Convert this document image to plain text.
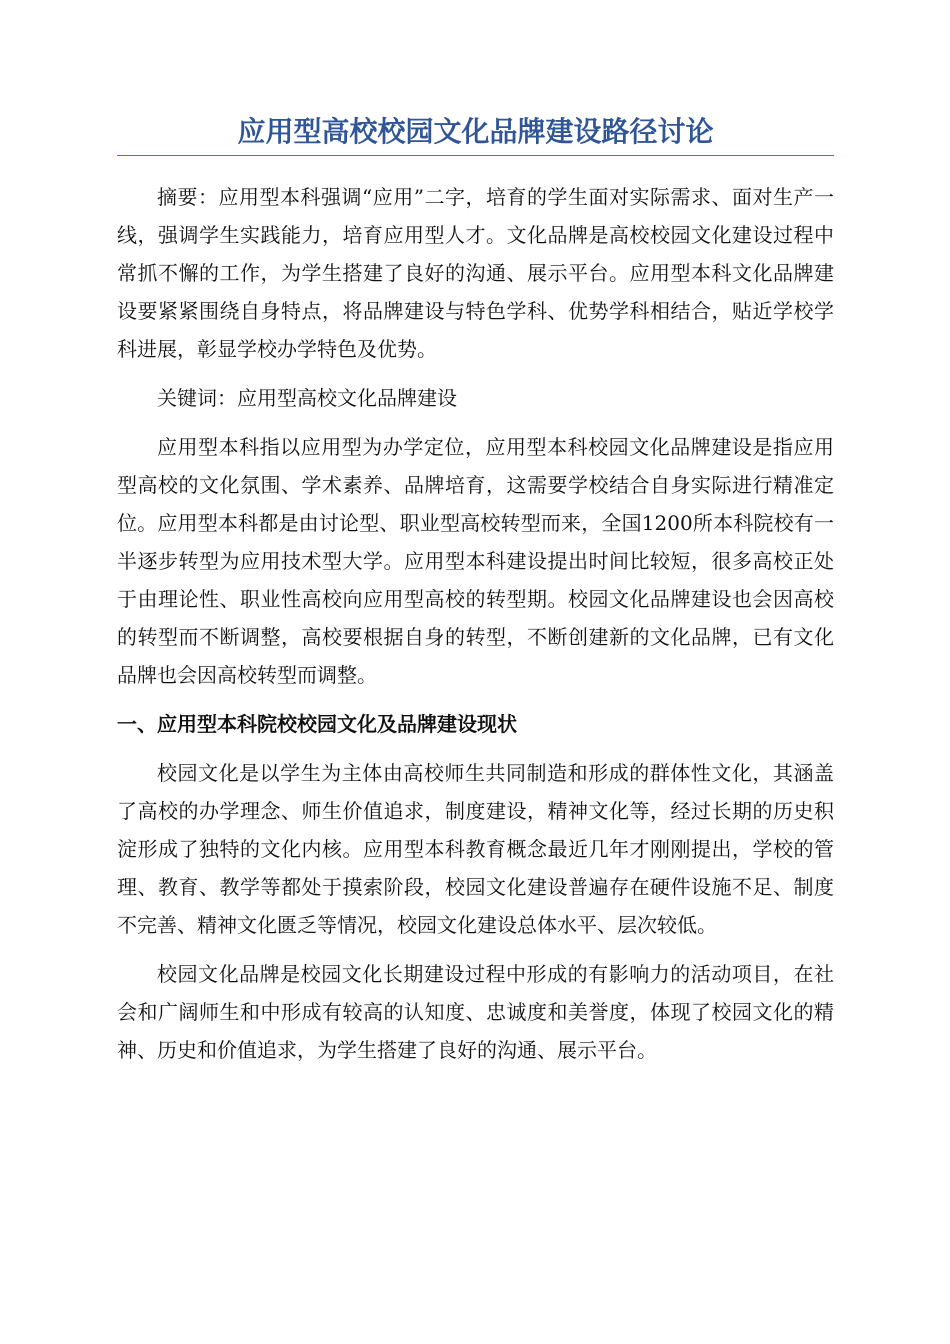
应用型高校校园文化品牌建设路径讨论

摘要：应用型本科强调“应用”二字，培育的学生面对实际需求、面对生产一线，强调学生实践能力，培育应用型人才。文化品牌是高校校园文化建设过程中常抓不懈的工作，为学生搭建了良好的沟通、展示平台。应用型本科文化品牌建设要紧紧围绕自身特点，将品牌建设与特色学科、优势学科相结合，贴近学校学科进展，彰显学校办学特色及优势。

关键词：应用型高校文化品牌建设

应用型本科指以应用型为办学定位，应用型本科校园文化品牌建设是指应用型高校的文化氛围、学术素养、品牌培育，这需要学校结合自身实际进行精准定位。应用型本科都是由讨论型、职业型高校转型而来，全国1200所本科院校有一半逐步转型为应用技术型大学。应用型本科建设提出时间比较短，很多高校正处于由理论性、职业性高校向应用型高校的转型期。校园文化品牌建设也会因高校的转型而不断调整，高校要根据自身的转型，不断创建新的文化品牌，已有文化品牌也会因高校转型而调整。

一、应用型本科院校校园文化及品牌建设现状

校园文化是以学生为主体由高校师生共同制造和形成的群体性文化，其涵盖了高校的办学理念、师生价值追求，制度建设，精神文化等，经过长期的历史积淀形成了独特的文化内核。应用型本科教育概念最近几年才刚刚提出，学校的管理、教育、教学等都处于摸索阶段，校园文化建设普遍存在硬件设施不足、制度不完善、精神文化匮乏等情况，校园文化建设总体水平、层次较低。

校园文化品牌是校园文化长期建设过程中形成的有影响力的活动项目，在社会和广阔师生和中形成有较高的认知度、忠诚度和美誉度，体现了校园文化的精神、历史和价值追求，为学生搭建了良好的沟通、展示平台。
